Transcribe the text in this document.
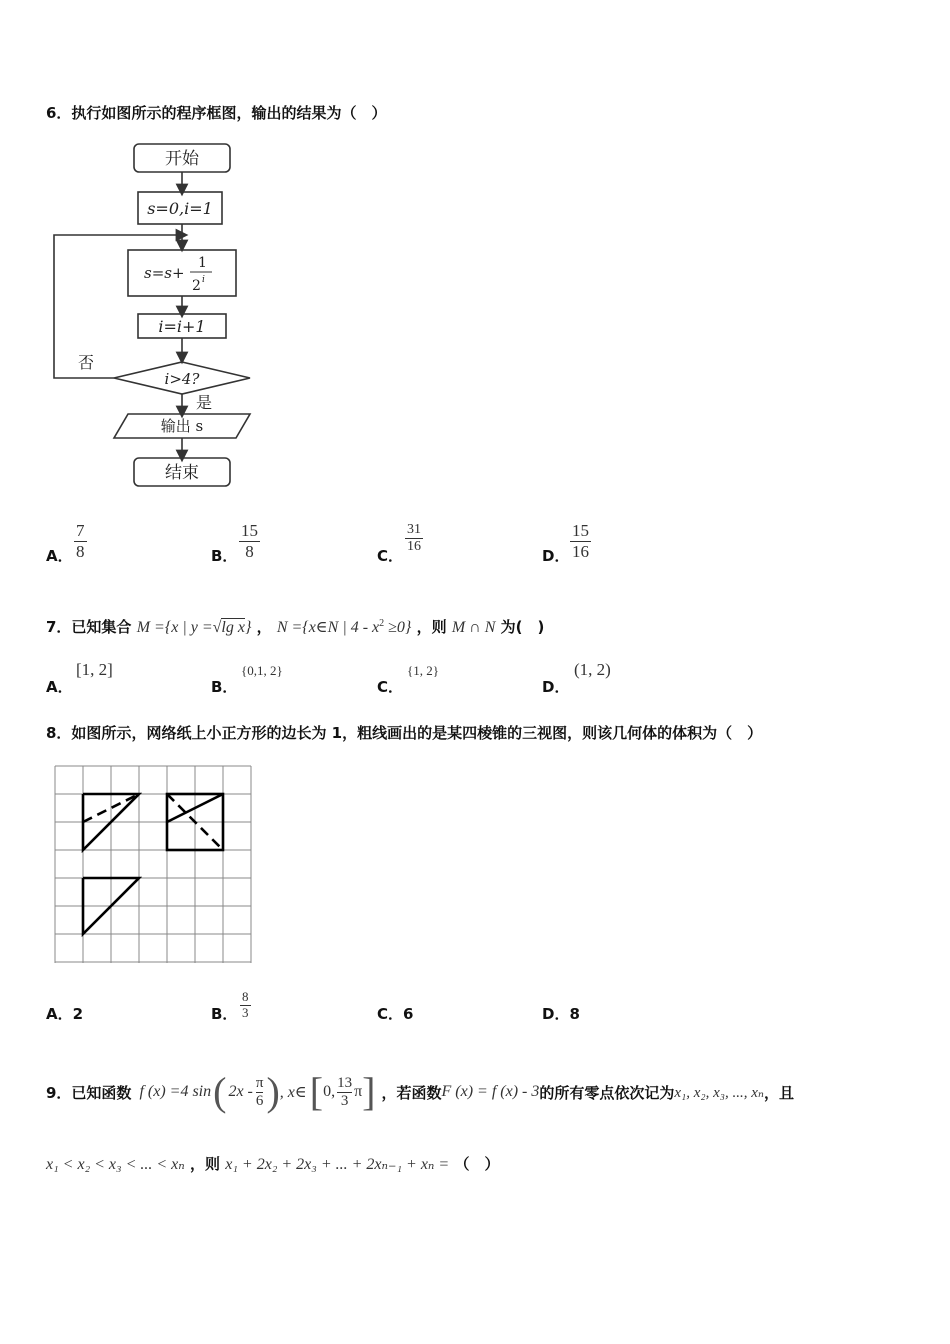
6．执行如图所示的程序框图，输出的结果为（　）
开始
s=0,i=1
s=s+
1
2 i
i=i+1
i>4?
否
是
输出 s
结束
A． $\frac{7}{8}$	B． $\frac{15}{8}$	C．
$\frac{31}{16}$
D． $\frac{15}{16}$
7．已知集合 M ={x | y =√lg x} ， N ={x∈N | $4 - x^2 \ge 0$} ，则 M ∩ N 为(　)
A．
[1, 2]
B．
{0,1, 2}
C．
{1, 2}
D．
(1, 2)
8．如图所示，网络纸上小正方形的边长为 1，粗线画出的是某四棱锥的三视图，则该几何体的体积为（　）
A．2	B． $\frac{8}{3}$	C．6	D．8
9．已知函数 f (x) =4 sin ( $2x - \frac{\pi}{6}$ ) , x∈ [ 0, $\frac{13}{3}$ π ] ，若函数 F (x) = f (x) - 3 的所有零点依次记为 x₁, x₂, x₃, ..., xₙ ，且
x₁ < x₂ < x₃ < ... < xₙ ，则 x₁ + 2x₂ + 2x₃ + ... + 2xₙ₋₁ + xₙ = （　）
